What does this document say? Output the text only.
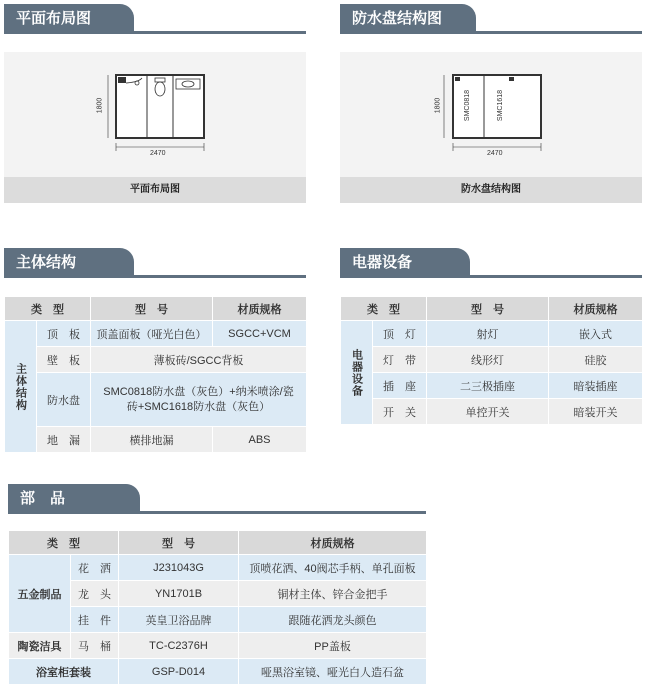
平面布局图
1800
2470
平面布局图
防水盘结构图
1800	SMC0818	SMC1618
2470
防水盘结构图
主体结构
类　型		型　号	材质规格

主体结构	顶　板	顶盖面板（哑光白色）	SGCC+VCM
	壁　板	薄板砖/SGCC背板	
	防水盘	SMC0818防水盘（灰色）+纳米喷涂/瓷砖+SMC1618防水盘（灰色）	
	地　漏	横排地漏	ABS
电器设备
类　型		型　号	材质规格

电器设备	顶　灯	射灯	嵌入式
	灯　带	线形灯	硅胶
	插　座	二三极插座	暗装插座
	开　关	单控开关	暗装开关
部　品
类　型		型　号	材质规格
五金制品	花　洒	J231043G	顶喷花洒、40阀芯手柄、单孔面板
	龙　头	YN1701B	铜材主体、锌合金把手
	挂　件	英皇卫浴品牌	跟随花洒龙头颜色
陶瓷洁具	马　桶	TC-C2376H	PP盖板
浴室柜套装		GSP-D014	哑黑浴室镜、哑光白人造石盆
